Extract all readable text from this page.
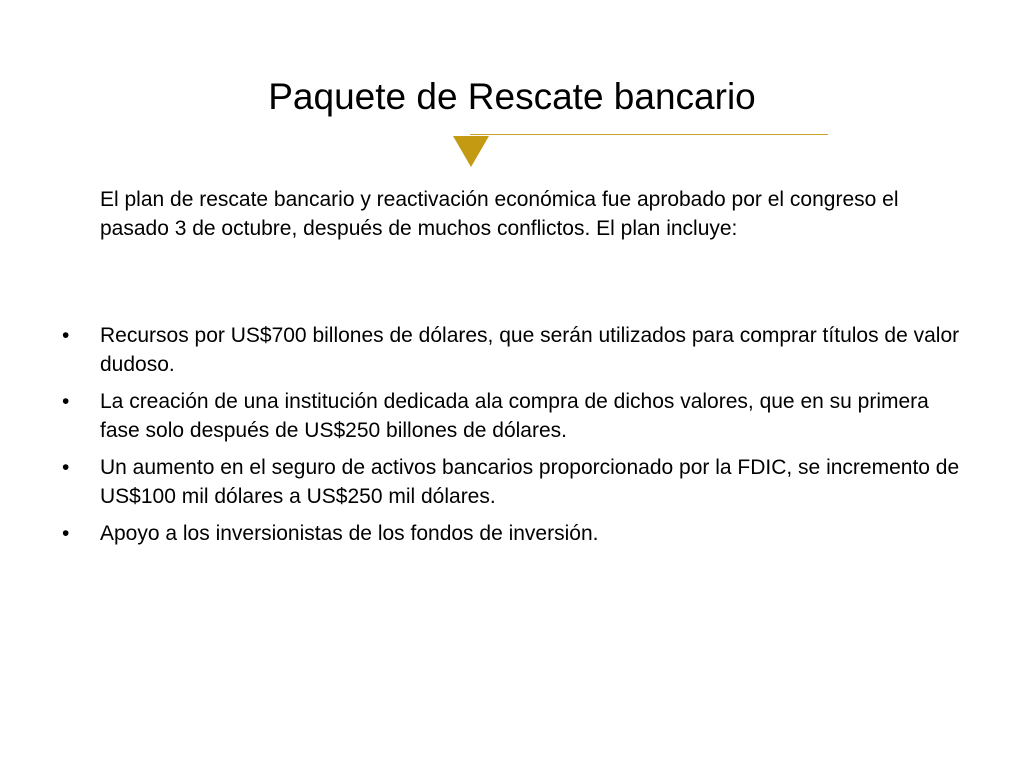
Paquete de Rescate bancario

El plan de rescate bancario y reactivación económica fue aprobado por el congreso el pasado 3 de octubre, después de muchos conflictos. El plan incluye:

• Recursos por US$700 billones de dólares, que serán utilizados para comprar títulos de valor dudoso.
• La creación de una institución dedicada ala compra de dichos valores, que en su primera fase solo después de US$250 billones de dólares.
• Un aumento en el seguro de activos bancarios proporcionado por la FDIC, se incremento de US$100 mil dólares a US$250 mil dólares.
• Apoyo a los inversionistas de los fondos de inversión.
